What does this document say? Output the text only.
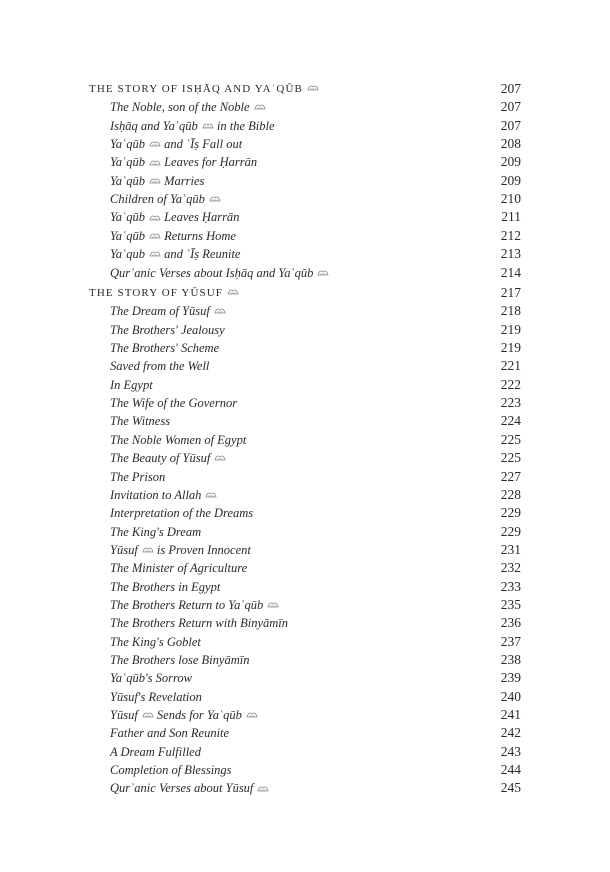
THE STORY OF ISḤĀQ AND YAʿQŪB	207
The Noble, son of the Noble	207
Isḥāq and Yaʿqūb
in the Bible	207
Yaʿqūb
and ʿĪṣ Fall out	208
Yaʿqūb
Leaves for Ḥarrān	209
Yaʿqūb
Marries	209
Children of Yaʿqūb	210
Yaʿqūb
Leaves Ḥarrān	211
Yaʿqūb
Returns Home	212
Yaʿqub
and ʿĪṣ Reunite	213
Qurʾanic Verses about Isḥāq and Yaʿqūb	214
THE STORY OF YŪSUF	217
The Dream of Yūsuf	218
The Brothers' Jealousy	219
The Brothers' Scheme	219
Saved from the Well	221
In Egypt	222
The Wife of the Governor	223
The Witness	224
The Noble Women of Egypt	225
The Beauty of Yūsuf	225
The Prison	227
Invitation to Allah	228
Interpretation of the Dreams	229
The King's Dream	229
Yūsuf
is Proven Innocent	231
The Minister of Agriculture	232
The Brothers in Egypt	233
The Brothers Return to Yaʿqūb	235
The Brothers Return with Binyāmīn	236
The King's Goblet	237
The Brothers lose Binyāmīn	238
Yaʿqūb's Sorrow	239
Yūsuf's Revelation	240
Yūsuf
Sends for Yaʿqūb	241
Father and Son Reunite	242
A Dream Fulfilled	243
Completion of Blessings	244
Qurʾanic Verses about Yūsuf	245
